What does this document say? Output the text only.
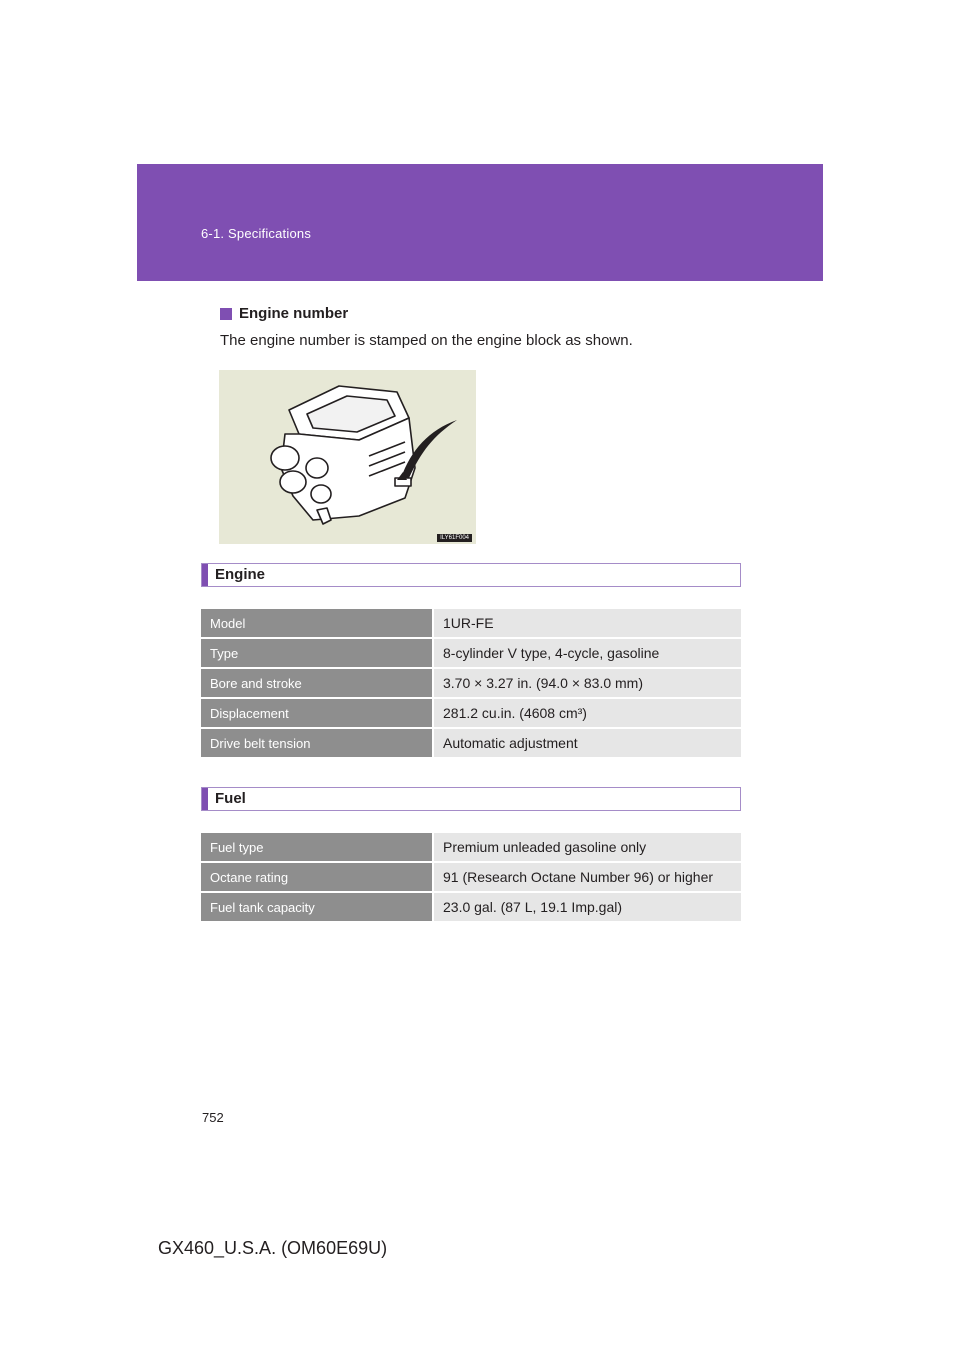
6-1. Specifications
Engine number
The engine number is stamped on the engine block as shown.
ILY61F004
Engine
Model	1UR-FE
Type	8-cylinder V type, 4-cycle, gasoline
Bore and stroke	3.70 × 3.27 in. (94.0 × 83.0 mm)
Displacement	281.2 cu.in. (4608 cm³)
Drive belt tension	Automatic adjustment
Fuel
Fuel type	Premium unleaded gasoline only
Octane rating	91 (Research Octane Number 96) or higher
Fuel tank capacity	23.0 gal. (87 L, 19.1 Imp.gal)
752
GX460_U.S.A. (OM60E69U)
